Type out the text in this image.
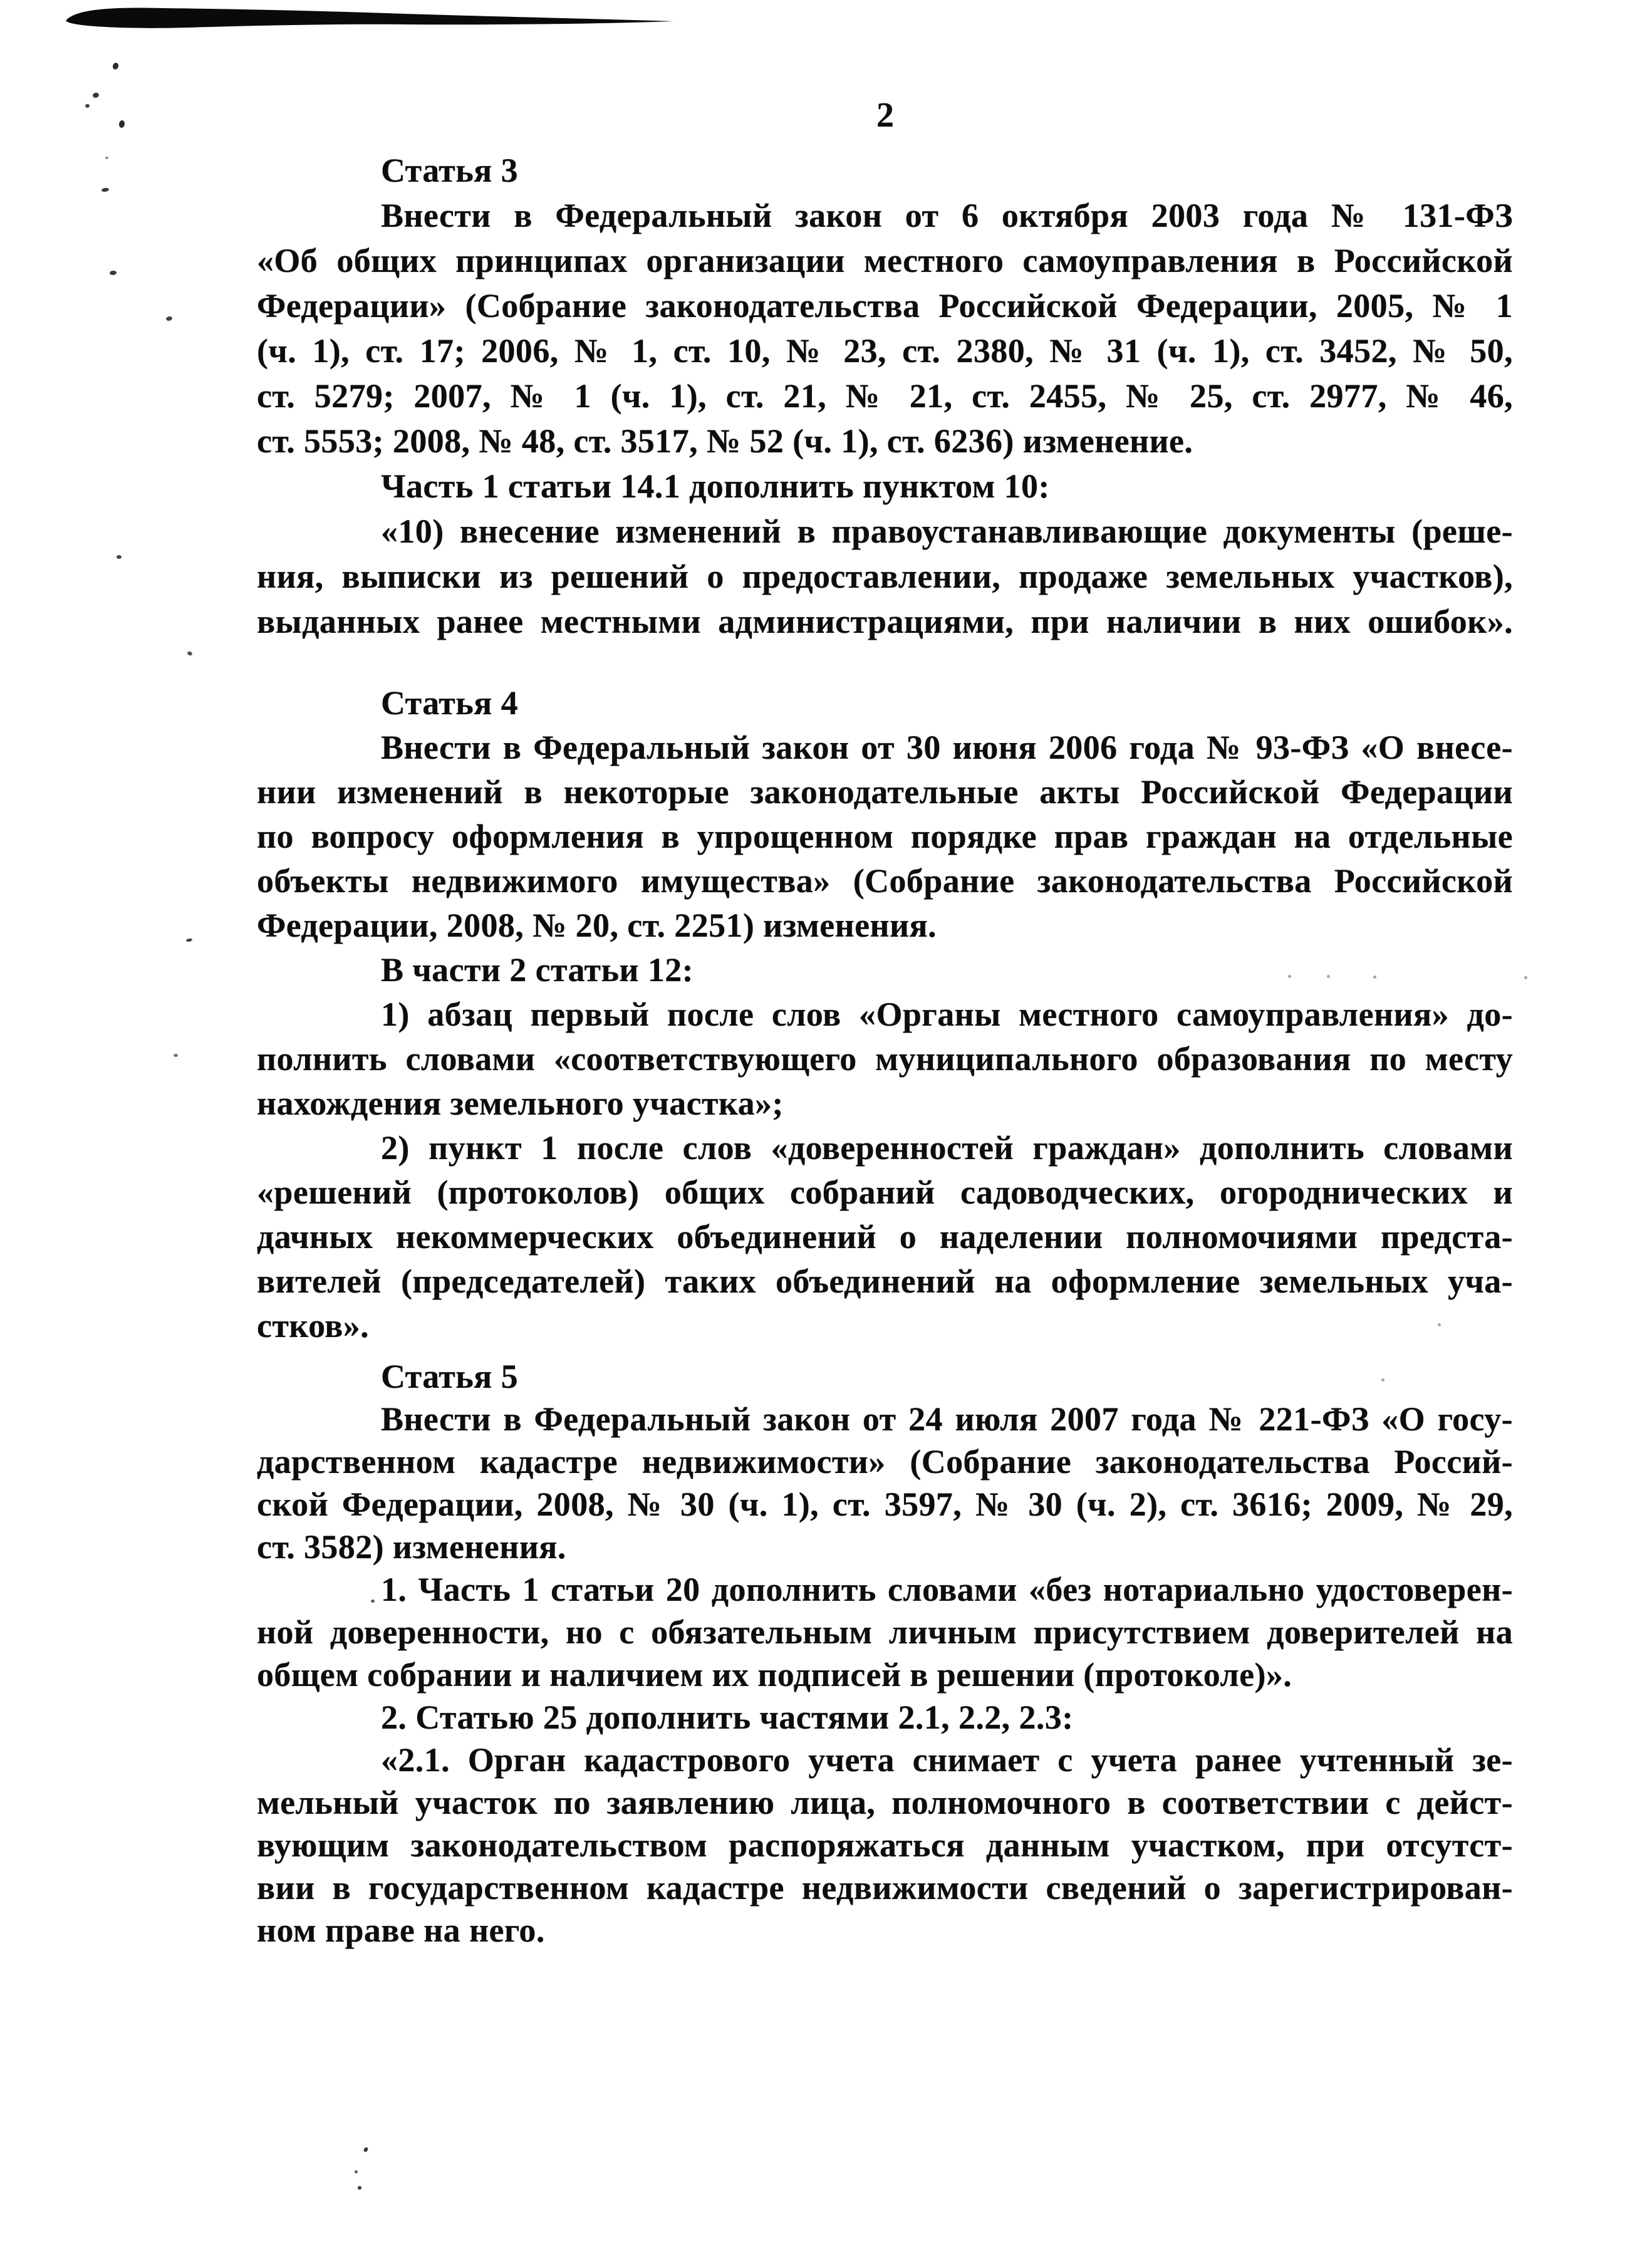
2
Статья 3
Внести в Федеральный закон от 6 октября 2003 года № 131-ФЗ
«Об общих принципах организации местного самоуправления в Российской
Федерации» (Собрание законодательства Российской Федерации, 2005, № 1
(ч. 1), ст. 17; 2006, № 1, ст. 10, № 23, ст. 2380, № 31 (ч. 1), ст. 3452, № 50,
ст. 5279; 2007, № 1 (ч. 1), ст. 21, № 21, ст. 2455, № 25, ст. 2977, № 46,
ст. 5553; 2008, № 48, ст. 3517, № 52 (ч. 1), ст. 6236) изменение.
Часть 1 статьи 14.1 дополнить пунктом 10:
«10) внесение изменений в правоустанавливающие документы (реше-
ния, выписки из решений о предоставлении, продаже земельных участков),
выданных ранее местными администрациями, при наличии в них ошибок».
Статья 4
Внести в Федеральный закон от 30 июня 2006 года № 93-ФЗ «О внесе-
нии изменений в некоторые законодательные акты Российской Федерации
по вопросу оформления в упрощенном порядке прав граждан на отдельные
объекты недвижимого имущества» (Собрание законодательства Российской
Федерации, 2008, № 20, ст. 2251) изменения.
В части 2 статьи 12:
1) абзац первый после слов «Органы местного самоуправления» до-
полнить словами «соответствующего муниципального образования по месту
нахождения земельного участка»;
2) пункт 1 после слов «доверенностей граждан» дополнить словами
«решений (протоколов) общих собраний садоводческих, огороднических и
дачных некоммерческих объединений о наделении полномочиями предста-
вителей (председателей) таких объединений на оформление земельных уча-
стков».
Статья 5
Внести в Федеральный закон от 24 июля 2007 года № 221-ФЗ «О госу-
дарственном кадастре недвижимости» (Собрание законодательства Россий-
ской Федерации, 2008, № 30 (ч. 1), ст. 3597, № 30 (ч. 2), ст. 3616; 2009, № 29,
ст. 3582) изменения.
1. Часть 1 статьи 20 дополнить словами «без нотариально удостоверен-
ной доверенности, но с обязательным личным присутствием доверителей на
общем собрании и наличием их подписей в решении (протоколе)».
2. Статью 25 дополнить частями 2.1, 2.2, 2.3:
«2.1. Орган кадастрового учета снимает с учета ранее учтенный зе-
мельный участок по заявлению лица, полномочного в соответствии с дейст-
вующим законодательством распоряжаться данным участком, при отсутст-
вии в государственном кадастре недвижимости сведений о зарегистрирован-
ном праве на него.
